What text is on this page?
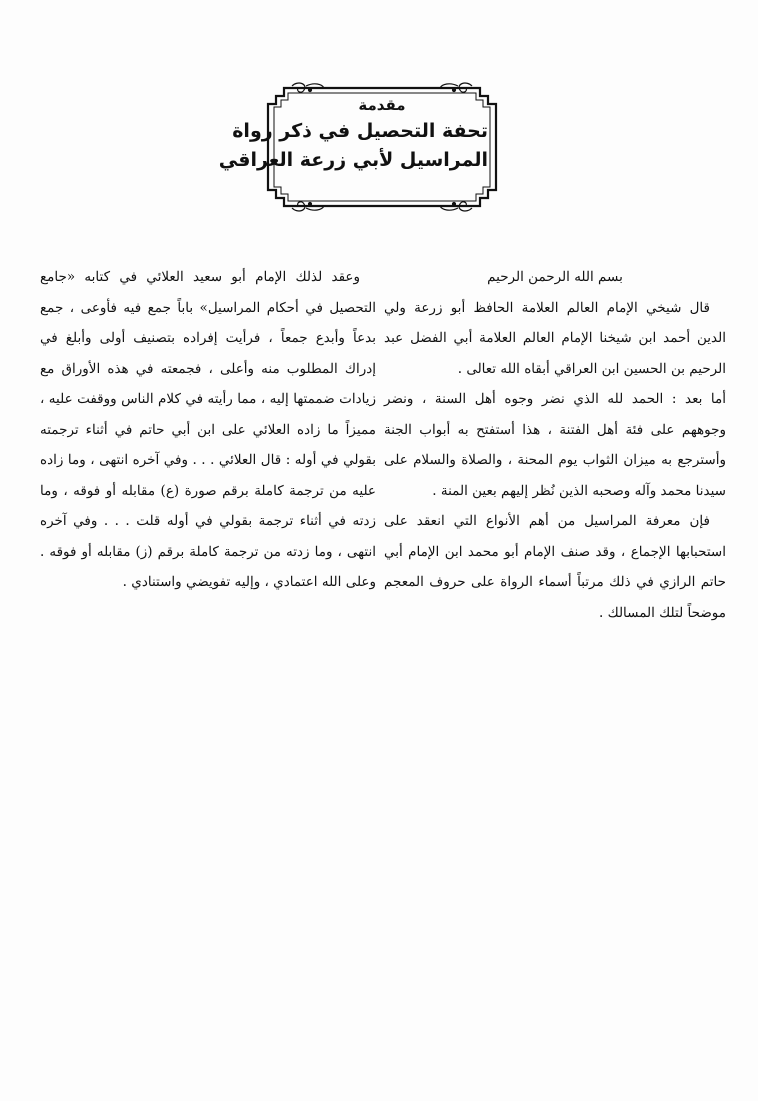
مقدمة
تحفة التحصيل في ذكر رواة
المراسيل لأبي زرعة العراقي

بسم الله الرحمن الرحيم

قال شيخي الإمام العالم العلامة الحافظ أبو زرعة ولي الدين أحمد ابن شيخنا الإمام العالم العلامة أبي الفضل عبد الرحيم بن الحسين ابن العراقي أبقاه الله تعالى .

أما بعد : الحمد لله الذي نضر وجوه أهل السنة ، ونضر وجوههم على فئة أهل الفتنة ، هذا أستفتح به أبواب الجنة وأسترجع به ميزان الثواب يوم المحنة ، والصلاة والسلام على سيدنا محمد وآله وصحبه الذين نُظر إليهم بعين المنة .

فإن معرفة المراسيل من أهم الأنواع التي انعقد على استحبابها الإجماع ، وقد صنف الإمام أبو محمد ابن الإمام أبي حاتم الرازي في ذلك مرتباً أسماء الرواة على حروف المعجم موضحاً لتلك المسالك .

وعقد لذلك الإمام أبو سعيد العلائي في كتابه «جامع التحصيل في أحكام المراسيل» باباً جمع فيه فأوعى ، جمع بدعاً وأبدع جمعاً ، فرأيت إفراده بتصنيف أولى وأبلغ في إدراك المطلوب منه وأعلى ، فجمعته في هذه الأوراق مع زيادات ضممتها إليه ، مما رأيته في كلام الناس ووقفت عليه ، مميزاً ما زاده العلائي على ابن أبي حاتم في أثناء ترجمته بقولي في أوله : قال العلائي . . . وفي آخره انتهى ، وما زاده عليه من ترجمة كاملة برقم صورة (ع) مقابله أو فوقه ، وما زدته في أثناء ترجمة بقولي في أوله قلت . . . وفي آخره انتهى ، وما زدته من ترجمة كاملة برقم (ز) مقابله أو فوقه . وعلى الله اعتمادي ، وإليه تفويضي واستنادي .
